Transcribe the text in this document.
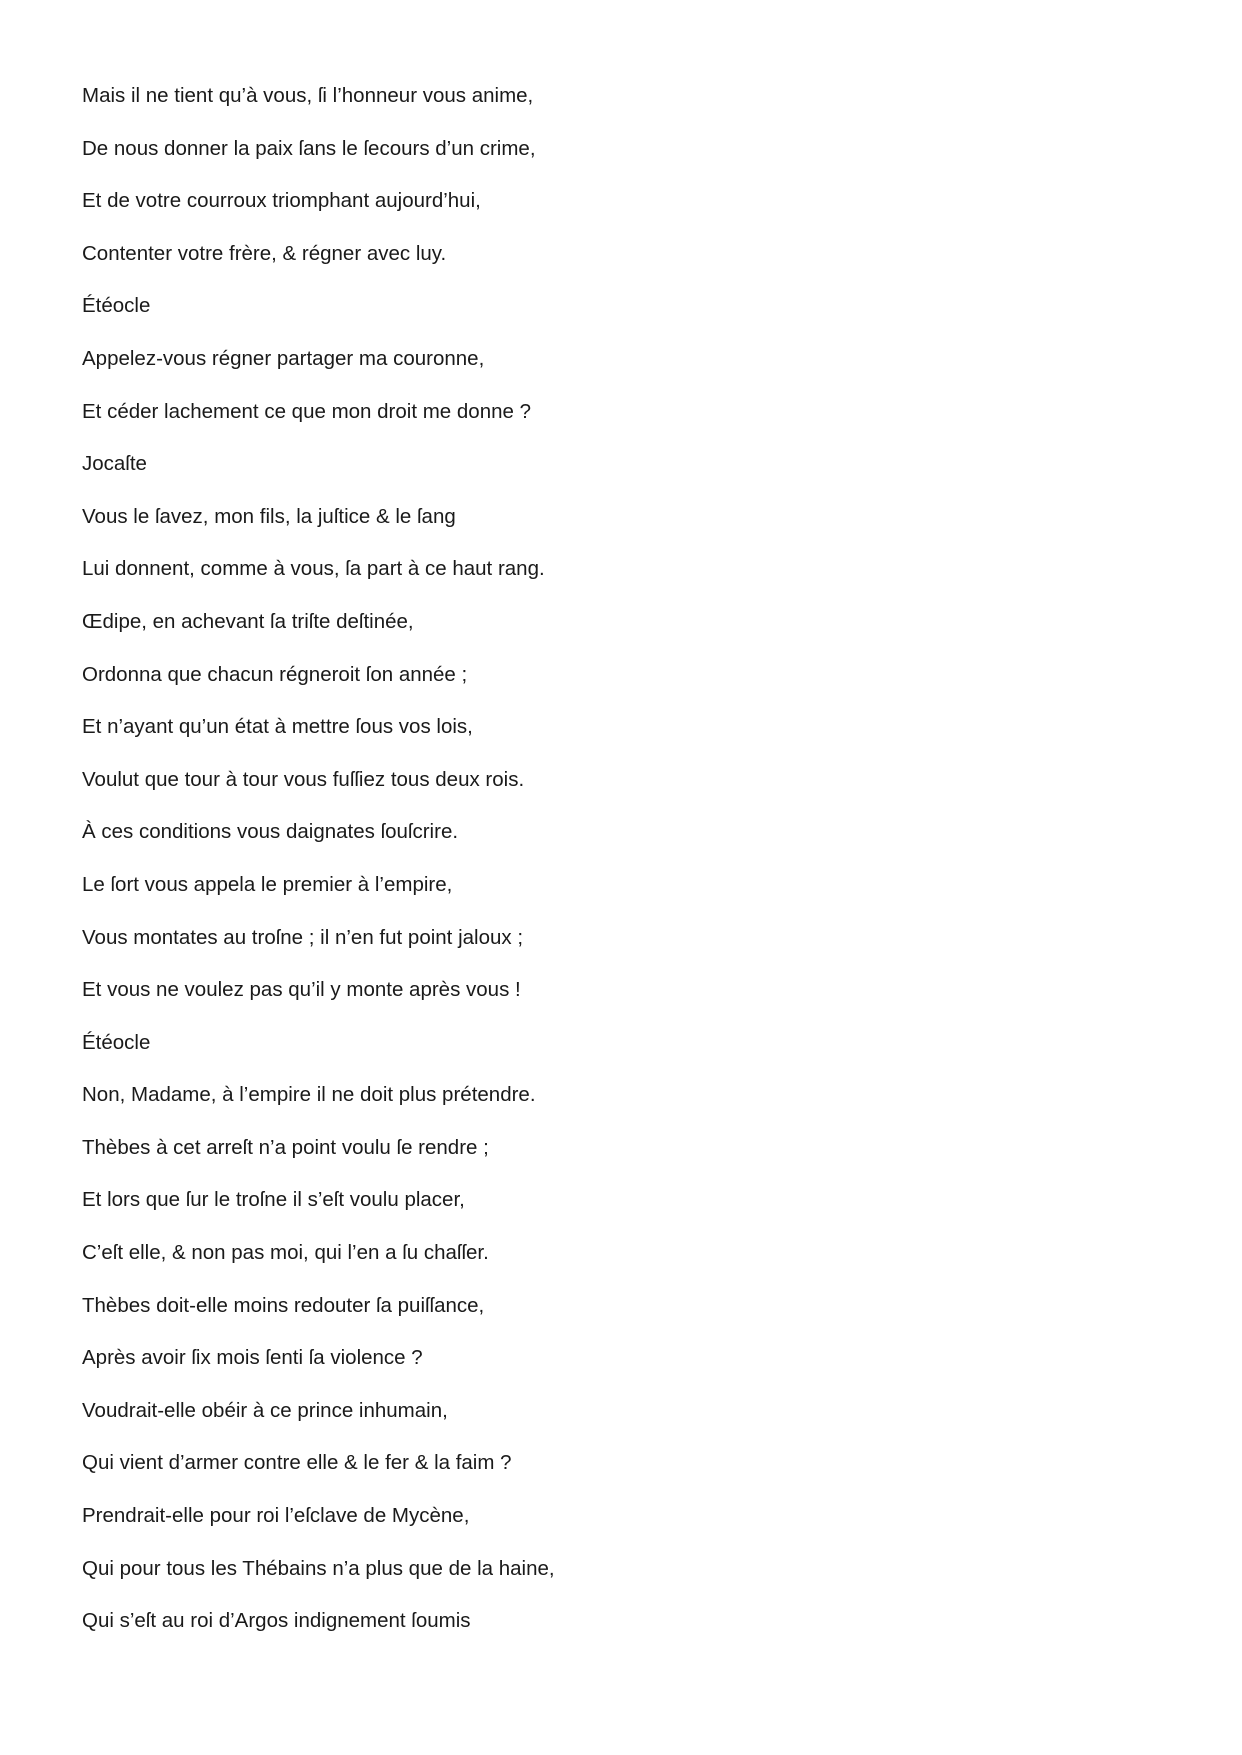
Mais il ne tient qu’à vous, ſi l’honneur vous anime,
De nous donner la paix ſans le ſecours d’un crime,
Et de votre courroux triomphant aujourd’hui,
Contenter votre frère, & régner avec luy.
Étéocle
Appelez-vous régner partager ma couronne,
Et céder lachement ce que mon droit me donne ?
Jocaſte
Vous le ſavez, mon fils, la juſtice & le ſang
Lui donnent, comme à vous, ſa part à ce haut rang.
Œdipe, en achevant ſa triſte deſtinée,
Ordonna que chacun régneroit ſon année ;
Et n’ayant qu’un état à mettre ſous vos lois,
Voulut que tour à tour vous fuſſiez tous deux rois.
À ces conditions vous daignates ſouſcrire.
Le ſort vous appela le premier à l’empire,
Vous montates au troſne ; il n’en fut point jaloux ;
Et vous ne voulez pas qu’il y monte après vous !
Étéocle
Non, Madame, à l’empire il ne doit plus prétendre.
Thèbes à cet arreſt n’a point voulu ſe rendre ;
Et lors que ſur le troſne il s’eſt voulu placer,
C’eſt elle, & non pas moi, qui l’en a ſu chaſſer.
Thèbes doit-elle moins redouter ſa puiſſance,
Après avoir ſix mois ſenti ſa violence ?
Voudrait-elle obéir à ce prince inhumain,
Qui vient d’armer contre elle & le fer & la faim ?
Prendrait-elle pour roi l’eſclave de Mycène,
Qui pour tous les Thébains n’a plus que de la haine,
Qui s’eſt au roi d’Argos indignement ſoumis
